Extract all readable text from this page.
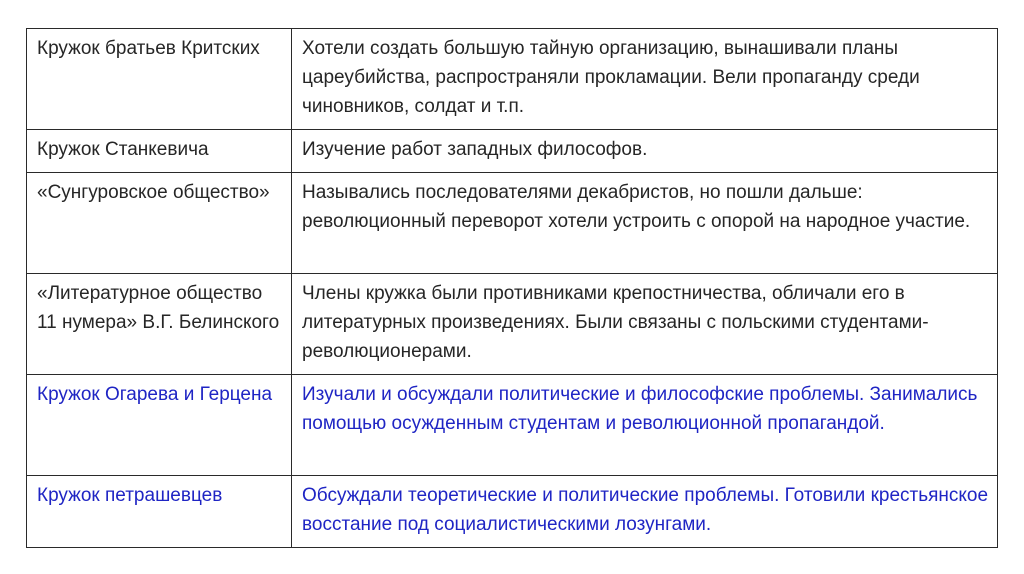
Кружок братьев Критских	Хотели создать большую тайную организацию, вынашивали планы цареубийства, распространяли прокламации. Вели пропаганду среди чиновников, солдат и т.п.
Кружок Станкевича	Изучение работ западных философов.
«Сунгуровское общество»	Назывались последователями декабристов, но пошли дальше: революционный переворот хотели устроить с опорой на народное участие.
«Литературное общество 11 нумера» В.Г. Белинского	Члены кружка были противниками крепостничества, обличали его в литературных произведениях. Были связаны с польскими студентами-революционерами.
Кружок Огарева и Герцена	Изучали и обсуждали политические и философские проблемы. Занимались помощью осужденным студентам и революционной пропагандой.
Кружок петрашевцев	Обсуждали теоретические и политические проблемы. Готовили крестьянское восстание под социалистическими лозунгами.
